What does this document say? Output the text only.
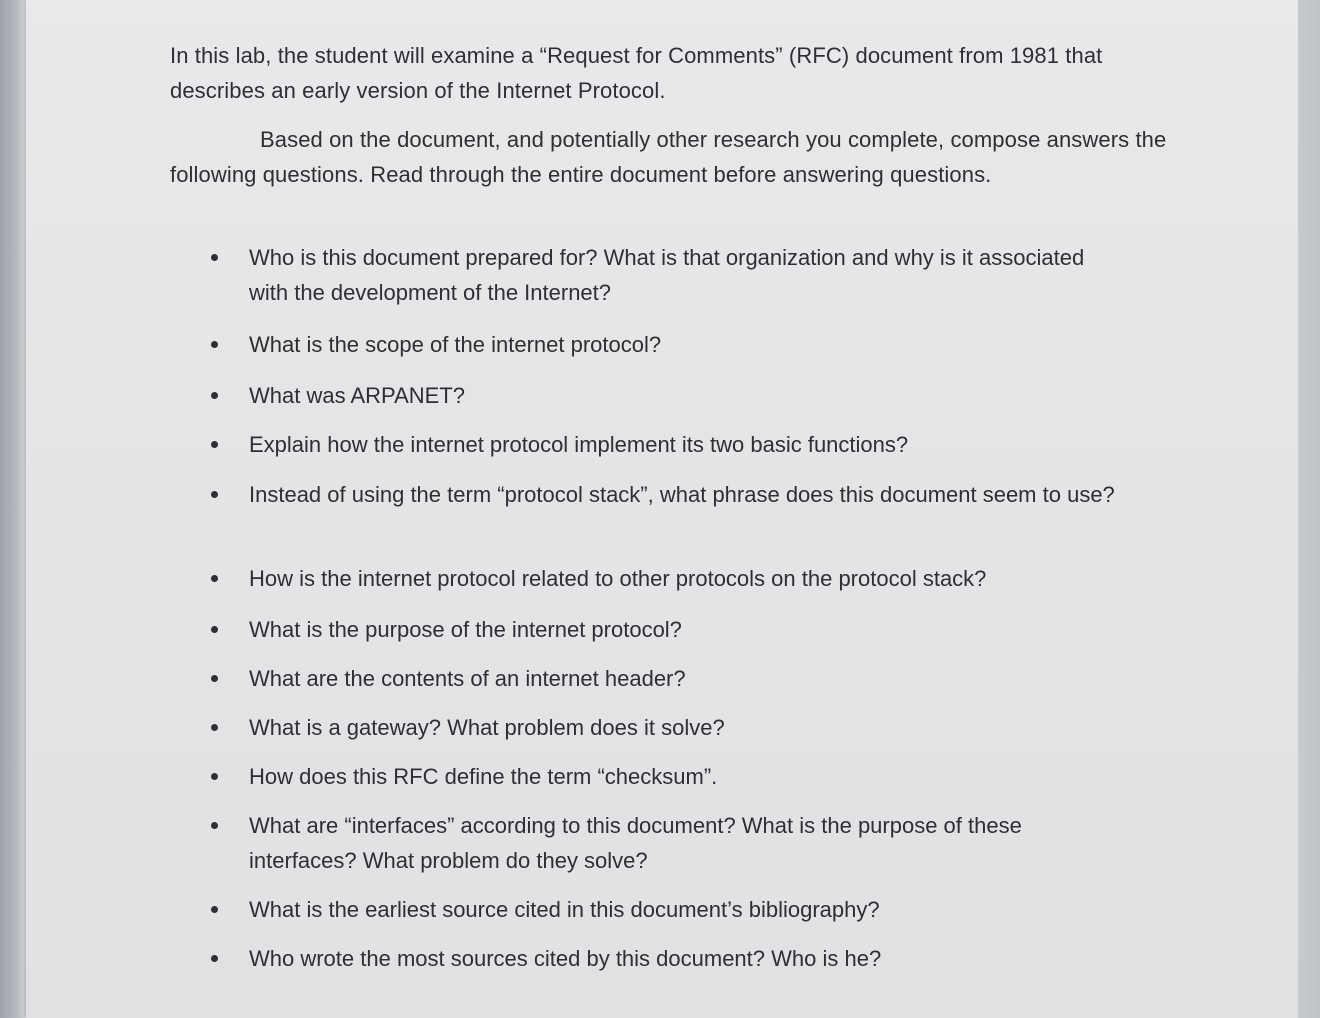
In this lab, the student will examine a “Request for Comments” (RFC) document from 1981 that describes an early version of the Internet Protocol.

Based on the document, and potentially other research you complete, compose answers the following questions. Read through the entire document before answering questions.

Who is this document prepared for? What is that organization and why is it associated with the development of the Internet?
What is the scope of the internet protocol?
What was ARPANET?
Explain how the internet protocol implement its two basic functions?
Instead of using the term “protocol stack”, what phrase does this document seem to use?
How is the internet protocol related to other protocols on the protocol stack?
What is the purpose of the internet protocol?
What are the contents of an internet header?
What is a gateway? What problem does it solve?
How does this RFC define the term “checksum”.
What are “interfaces” according to this document? What is the purpose of these interfaces? What problem do they solve?
What is the earliest source cited in this document’s bibliography?
Who wrote the most sources cited by this document? Who is he?
